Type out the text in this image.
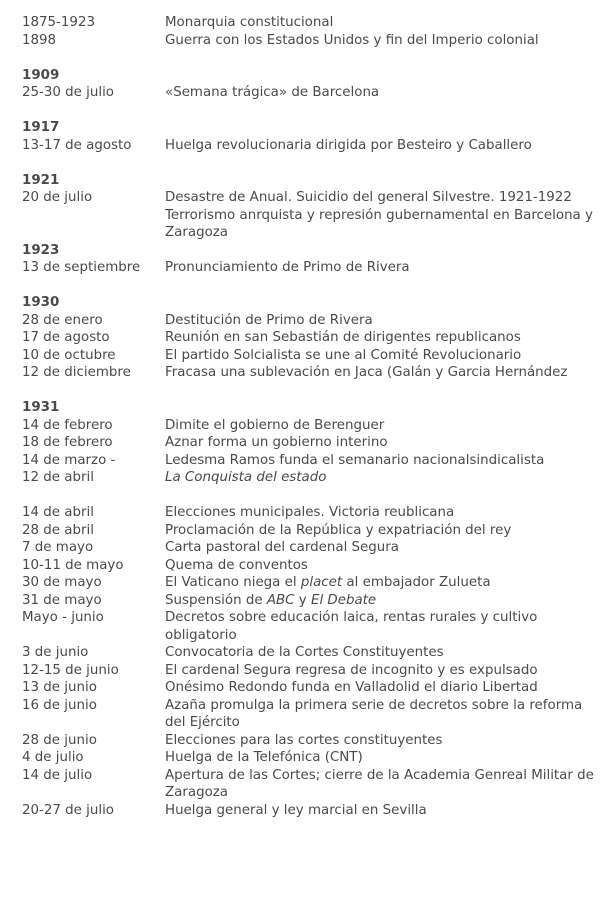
1875-1923	Monarquia constitucional
1898	Guerra con los Estados Unidos y fin del Imperio colonial
1909
25-30 de julio	«Semana trágica» de Barcelona
1917
13-17 de agosto	Huelga revolucionaria dirigida por Besteiro y Caballero
1921
20 de julio	Desastre de Anual. Suicidio del general Silvestre. 1921-1922
Terrorismo anrquista y represión gubernamental en Barcelona y Zaragoza
1923
13 de septiembre	Pronunciamiento de Primo de Rivera
1930
28 de enero	Destitución de Primo de Rivera
17 de agosto	Reunión en san Sebastián de dirigentes republicanos
10 de octubre	El partido Solcialista se une al Comité Revolucionario
12 de diciembre	Fracasa una sublevación en Jaca (Galán y Garcia Hernández
1931
14 de febrero	Dimite el gobierno de Berenguer
18 de febrero	Aznar forma un gobierno interino
14 de marzo -	Ledesma Ramos funda el semanario nacionalsindicalista
12 de abril	La Conquista del estado
14 de abril	Elecciones municipales. Victoria reublicana
28 de abril	Proclamación de la República y expatriación del rey
7 de mayo	Carta pastoral del cardenal Segura
10-11 de mayo	Quema de conventos
30 de mayo	El Vaticano niega el placet al embajador Zulueta
31 de mayo	Suspensión de ABC y El Debate
Mayo - junio	Decretos sobre educación laica, rentas rurales y cultivo obligatorio
3 de junio	Convocatoria de la Cortes Constituyentes
12-15 de junio	El cardenal Segura regresa de incognito y es expulsado
13 de junio	Onésimo Redondo funda en Valladolid el diario Libertad
16 de junio	Azaña promulga la primera serie de decretos sobre la reforma del Ejército
28 de junio	Elecciones para las cortes constituyentes
4 de julio	Huelga de la Telefónica (CNT)
14 de julio	Apertura de las Cortes; cierre de la Academia Genreal Militar de Zaragoza
20-27 de julio	Huelga general y ley marcial en Sevilla
